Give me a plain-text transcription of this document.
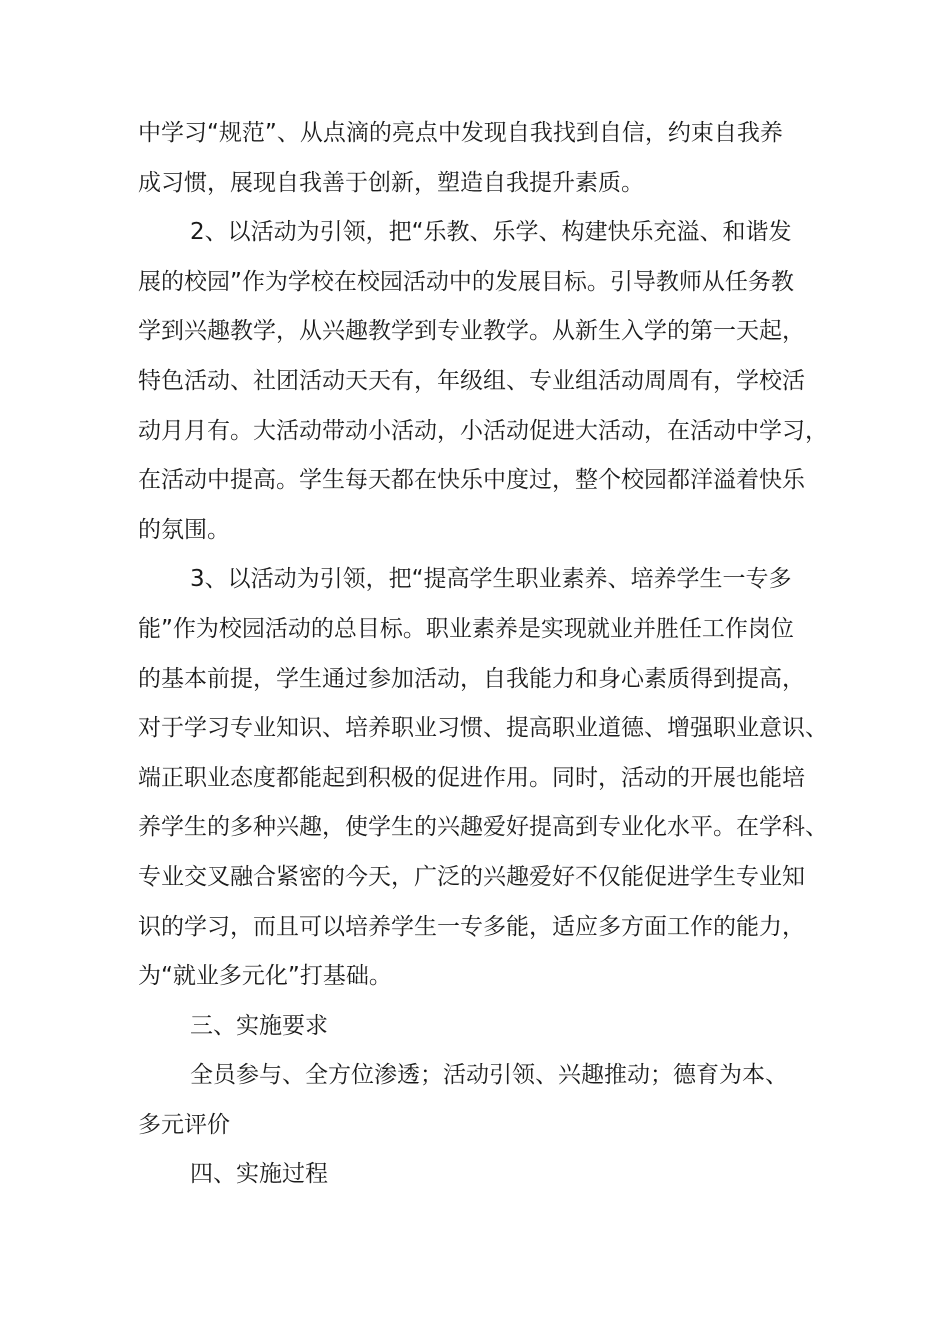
中学习“规范”、从点滴的亮点中发现自我找到自信，约束自我养
成习惯，展现自我善于创新，塑造自我提升素质。
2、以活动为引领，把“乐教、乐学、构建快乐充溢、和谐发
展的校园”作为学校在校园活动中的发展目标。引导教师从任务教
学到兴趣教学，从兴趣教学到专业教学。从新生入学的第一天起，
特色活动、社团活动天天有，年级组、专业组活动周周有，学校活
动月月有。大活动带动小活动，小活动促进大活动，在活动中学习，
在活动中提高。学生每天都在快乐中度过，整个校园都洋溢着快乐
的氛围。
3、以活动为引领，把“提高学生职业素养、培养学生一专多
能”作为校园活动的总目标。职业素养是实现就业并胜任工作岗位
的基本前提，学生通过参加活动，自我能力和身心素质得到提高，
对于学习专业知识、培养职业习惯、提高职业道德、增强职业意识、
端正职业态度都能起到积极的促进作用。同时，活动的开展也能培
养学生的多种兴趣，使学生的兴趣爱好提高到专业化水平。在学科、
专业交叉融合紧密的今天，广泛的兴趣爱好不仅能促进学生专业知
识的学习，而且可以培养学生一专多能，适应多方面工作的能力，
为“就业多元化”打基础。
三、实施要求
全员参与、全方位渗透；活动引领、兴趣推动；德育为本、
多元评价
四、实施过程
